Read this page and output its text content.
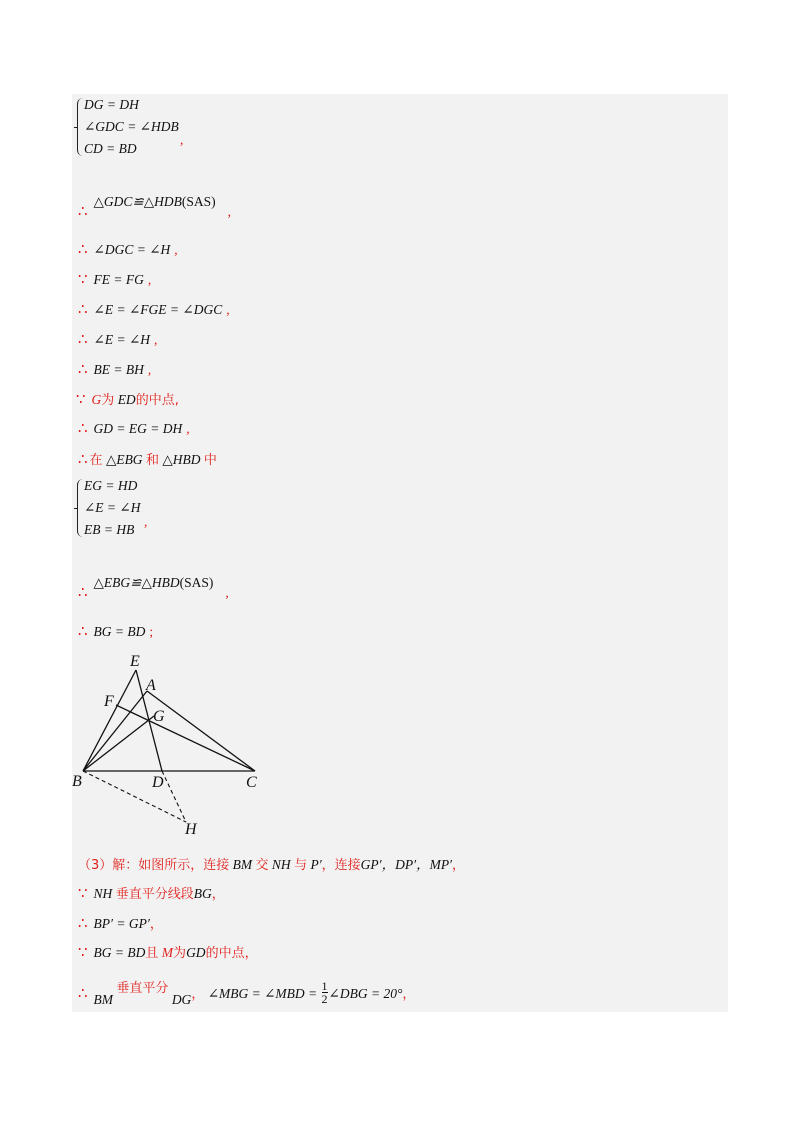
DG = DH
∠GDC = ∠HDB
CD = BD
,
∴△GDC≌△HDB(SAS),
∴ ∠DGC = ∠H ,
∵ FE = FG ,
∴ ∠E = ∠FGE = ∠DGC ,
∴ ∠E = ∠H ,
∴ BE = BH ,
∵ G为 ED的中点,
∴ GD = EG = DH ,
∴ 在 △EBG 和 △HBD 中
EG = HD
∠E = ∠H
EB = HB
,
∴△EBG≌△HBD(SAS),
∴ BG = BD ;
E
A
F
G
B	D	C
H
（3）解：如图所示，连接 BM 交 NH 与 P′，连接GP′，DP′，MP′，
∵ NH 垂直平分线段BG，
∴ BP′ = GP′，
∵ BG = BD且 M为GD的中点，
∴ BM 垂直平分 DG， ∠MBG = ∠MBD = $\frac{1}{2}$ ∠DBG = 20°，
